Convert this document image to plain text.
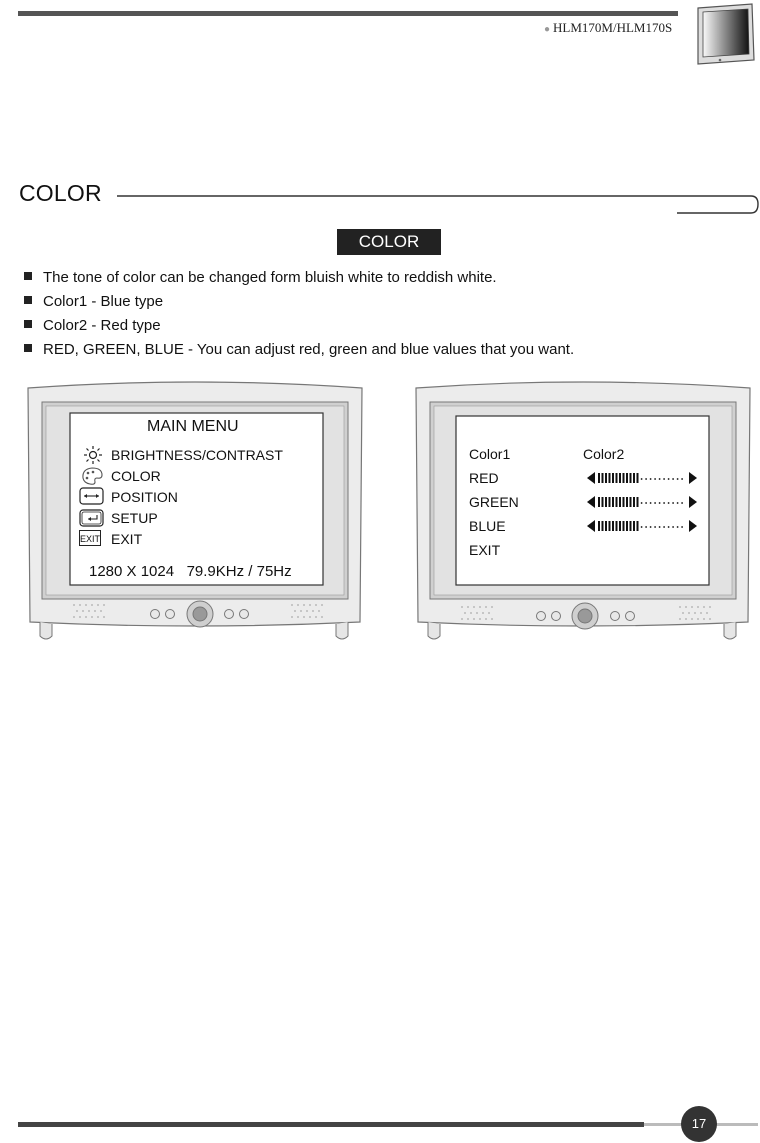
● HLM170M/HLM170S
COLOR
COLOR
The tone of color can be changed form bluish white to reddish white.
Color1 - Blue type
Color2 - Red type
RED, GREEN, BLUE - You can adjust red, green and blue values that you want.
MAIN MENU
EXIT
BRIGHTNESS/CONTRAST
COLOR
POSITION
SETUP
EXIT
1280 X 1024   79.9KHz / 75Hz
Color1	Color2
RED
GREEN
BLUE
EXIT
17
